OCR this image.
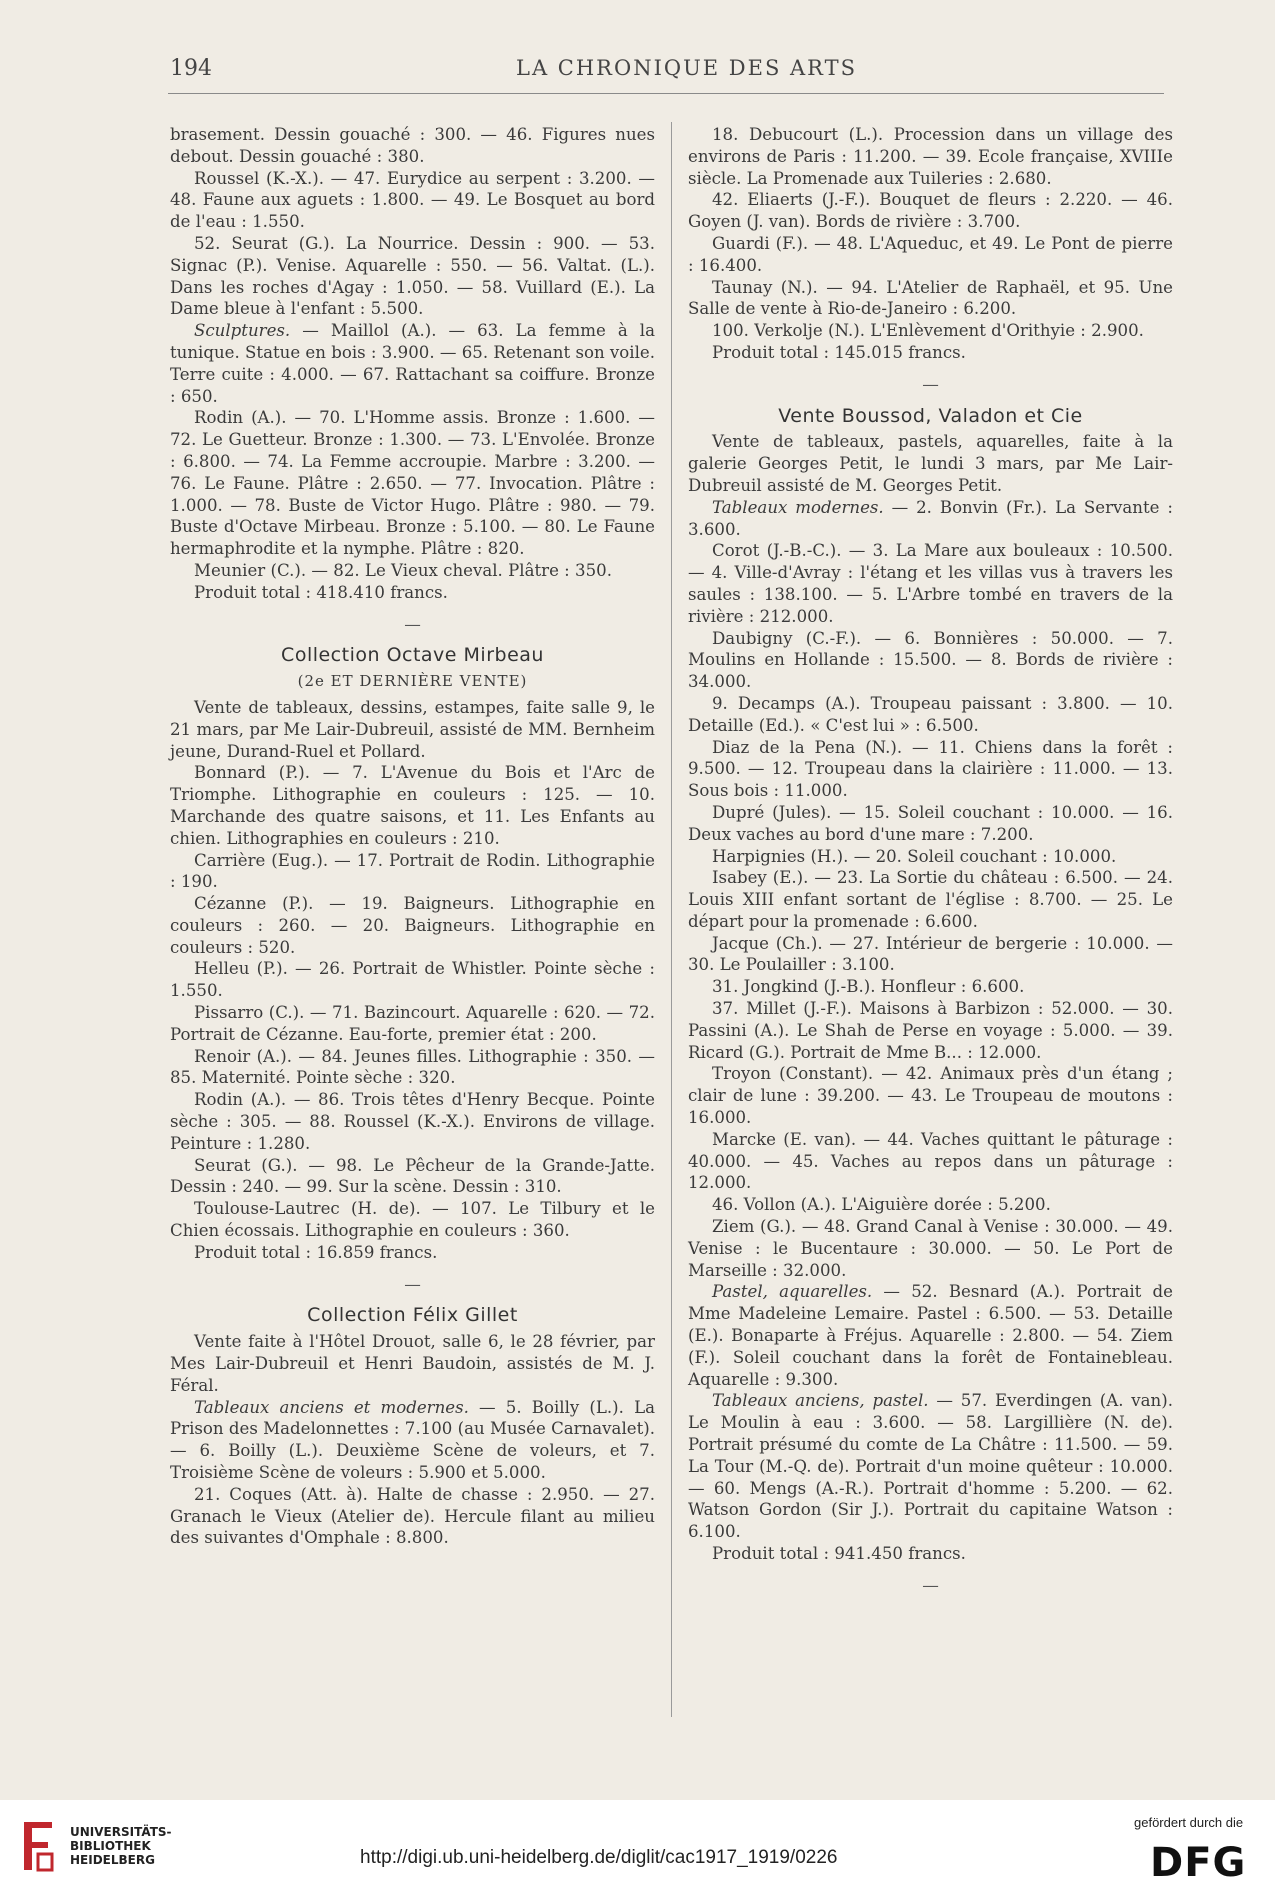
194	LA CHRONIQUE DES ARTS

brasement. Dessin gouaché : 300. — 46. Figures nues debout. Dessin gouaché : 380.

Roussel (K.-X.). — 47. Eurydice au serpent : 3.200. — 48. Faune aux aguets : 1.800. — 49. Le Bosquet au bord de l'eau : 1.550.

52. Seurat (G.). La Nourrice. Dessin : 900. — 53. Signac (P.). Venise. Aquarelle : 550. — 56. Valtat. (L.). Dans les roches d'Agay : 1.050. — 58. Vuillard (E.). La Dame bleue à l'enfant : 5.500.

Sculptures. — Maillol (A.). — 63. La femme à la tunique. Statue en bois : 3.900. — 65. Retenant son voile. Terre cuite : 4.000. — 67. Rattachant sa coiffure. Bronze : 650.

Rodin (A.). — 70. L'Homme assis. Bronze : 1.600. — 72. Le Guetteur. Bronze : 1.300. — 73. L'Envolée. Bronze : 6.800. — 74. La Femme accroupie. Marbre : 3.200. — 76. Le Faune. Plâtre : 2.650. — 77. Invocation. Plâtre : 1.000. — 78. Buste de Victor Hugo. Plâtre : 980. — 79. Buste d'Octave Mirbeau. Bronze : 5.100. — 80. Le Faune hermaphrodite et la nymphe. Plâtre : 820.

Meunier (C.). — 82. Le Vieux cheval. Plâtre : 350.

Produit total : 418.410 francs.

—
Collection Octave Mirbeau
(2e ET DERNIÈRE VENTE)

Vente de tableaux, dessins, estampes, faite salle 9, le 21 mars, par Me Lair-Dubreuil, assisté de MM. Bernheim jeune, Durand-Ruel et Pollard.

Bonnard (P.). — 7. L'Avenue du Bois et l'Arc de Triomphe. Lithographie en couleurs : 125. — 10. Marchande des quatre saisons, et 11. Les Enfants au chien. Lithographies en couleurs : 210.

Carrière (Eug.). — 17. Portrait de Rodin. Lithographie : 190.

Cézanne (P.). — 19. Baigneurs. Lithographie en couleurs : 260. — 20. Baigneurs. Lithographie en couleurs : 520.

Helleu (P.). — 26. Portrait de Whistler. Pointe sèche : 1.550.

Pissarro (C.). — 71. Bazincourt. Aquarelle : 620. — 72. Portrait de Cézanne. Eau-forte, premier état : 200.

Renoir (A.). — 84. Jeunes filles. Lithographie : 350. — 85. Maternité. Pointe sèche : 320.

Rodin (A.). — 86. Trois têtes d'Henry Becque. Pointe sèche : 305. — 88. Roussel (K.-X.). Environs de village. Peinture : 1.280.

Seurat (G.). — 98. Le Pêcheur de la Grande-Jatte. Dessin : 240. — 99. Sur la scène. Dessin : 310.

Toulouse-Lautrec (H. de). — 107. Le Tilbury et le Chien écossais. Lithographie en couleurs : 360.

Produit total : 16.859 francs.

—
Collection Félix Gillet

Vente faite à l'Hôtel Drouot, salle 6, le 28 février, par Mes Lair-Dubreuil et Henri Baudoin, assistés de M. J. Féral.

Tableaux anciens et modernes. — 5. Boilly (L.). La Prison des Madelonnettes : 7.100 (au Musée Carnavalet). — 6. Boilly (L.). Deuxième Scène de voleurs, et 7. Troisième Scène de voleurs : 5.900 et 5.000.

21. Coques (Att. à). Halte de chasse : 2.950. — 27. Granach le Vieux (Atelier de). Hercule filant au milieu des suivantes d'Omphale : 8.800.

18. Debucourt (L.). Procession dans un village des environs de Paris : 11.200. — 39. Ecole française, XVIIIe siècle. La Promenade aux Tuileries : 2.680.

42. Eliaerts (J.-F.). Bouquet de fleurs : 2.220. — 46. Goyen (J. van). Bords de rivière : 3.700.

Guardi (F.). — 48. L'Aqueduc, et 49. Le Pont de pierre : 16.400.

Taunay (N.). — 94. L'Atelier de Raphaël, et 95. Une Salle de vente à Rio-de-Janeiro : 6.200.

100. Verkolje (N.). L'Enlèvement d'Orithyie : 2.900.

Produit total : 145.015 francs.

—
Vente Boussod, Valadon et Cie

Vente de tableaux, pastels, aquarelles, faite à la galerie Georges Petit, le lundi 3 mars, par Me Lair-Dubreuil assisté de M. Georges Petit.

Tableaux modernes. — 2. Bonvin (Fr.). La Servante : 3.600.

Corot (J.-B.-C.). — 3. La Mare aux bouleaux : 10.500. — 4. Ville-d'Avray : l'étang et les villas vus à travers les saules : 138.100. — 5. L'Arbre tombé en travers de la rivière : 212.000.

Daubigny (C.-F.). — 6. Bonnières : 50.000. — 7. Moulins en Hollande : 15.500. — 8. Bords de rivière : 34.000.

9. Decamps (A.). Troupeau paissant : 3.800. — 10. Detaille (Ed.). « C'est lui » : 6.500.

Diaz de la Pena (N.). — 11. Chiens dans la forêt : 9.500. — 12. Troupeau dans la clairière : 11.000. — 13. Sous bois : 11.000.

Dupré (Jules). — 15. Soleil couchant : 10.000. — 16. Deux vaches au bord d'une mare : 7.200.

Harpignies (H.). — 20. Soleil couchant : 10.000.

Isabey (E.). — 23. La Sortie du château : 6.500. — 24. Louis XIII enfant sortant de l'église : 8.700. — 25. Le départ pour la promenade : 6.600.

Jacque (Ch.). — 27. Intérieur de bergerie : 10.000. — 30. Le Poulailler : 3.100.

31. Jongkind (J.-B.). Honfleur : 6.600.

37. Millet (J.-F.). Maisons à Barbizon : 52.000. — 30. Passini (A.). Le Shah de Perse en voyage : 5.000. — 39. Ricard (G.). Portrait de Mme B... : 12.000.

Troyon (Constant). — 42. Animaux près d'un étang ; clair de lune : 39.200. — 43. Le Troupeau de moutons : 16.000.

Marcke (E. van). — 44. Vaches quittant le pâturage : 40.000. — 45. Vaches au repos dans un pâturage : 12.000.

46. Vollon (A.). L'Aiguière dorée : 5.200.

Ziem (G.). — 48. Grand Canal à Venise : 30.000. — 49. Venise : le Bucentaure : 30.000. — 50. Le Port de Marseille : 32.000.

Pastel, aquarelles. — 52. Besnard (A.). Portrait de Mme Madeleine Lemaire. Pastel : 6.500. — 53. Detaille (E.). Bonaparte à Fréjus. Aquarelle : 2.800. — 54. Ziem (F.). Soleil couchant dans la forêt de Fontainebleau. Aquarelle : 9.300.

Tableaux anciens, pastel. — 57. Everdingen (A. van). Le Moulin à eau : 3.600. — 58. Largillière (N. de). Portrait présumé du comte de La Châtre : 11.500. — 59. La Tour (M.-Q. de). Portrait d'un moine quêteur : 10.000. — 60. Mengs (A.-R.). Portrait d'homme : 5.200. — 62. Watson Gordon (Sir J.). Portrait du capitaine Watson : 6.100.

Produit total : 941.450 francs.

—
UNIVERSITÄTS-
BIBLIOTHEK
HEIDELBERG	http://digi.ub.uni-heidelberg.de/diglit/cac1917_1919/0226
gefördert durch die
DFG
